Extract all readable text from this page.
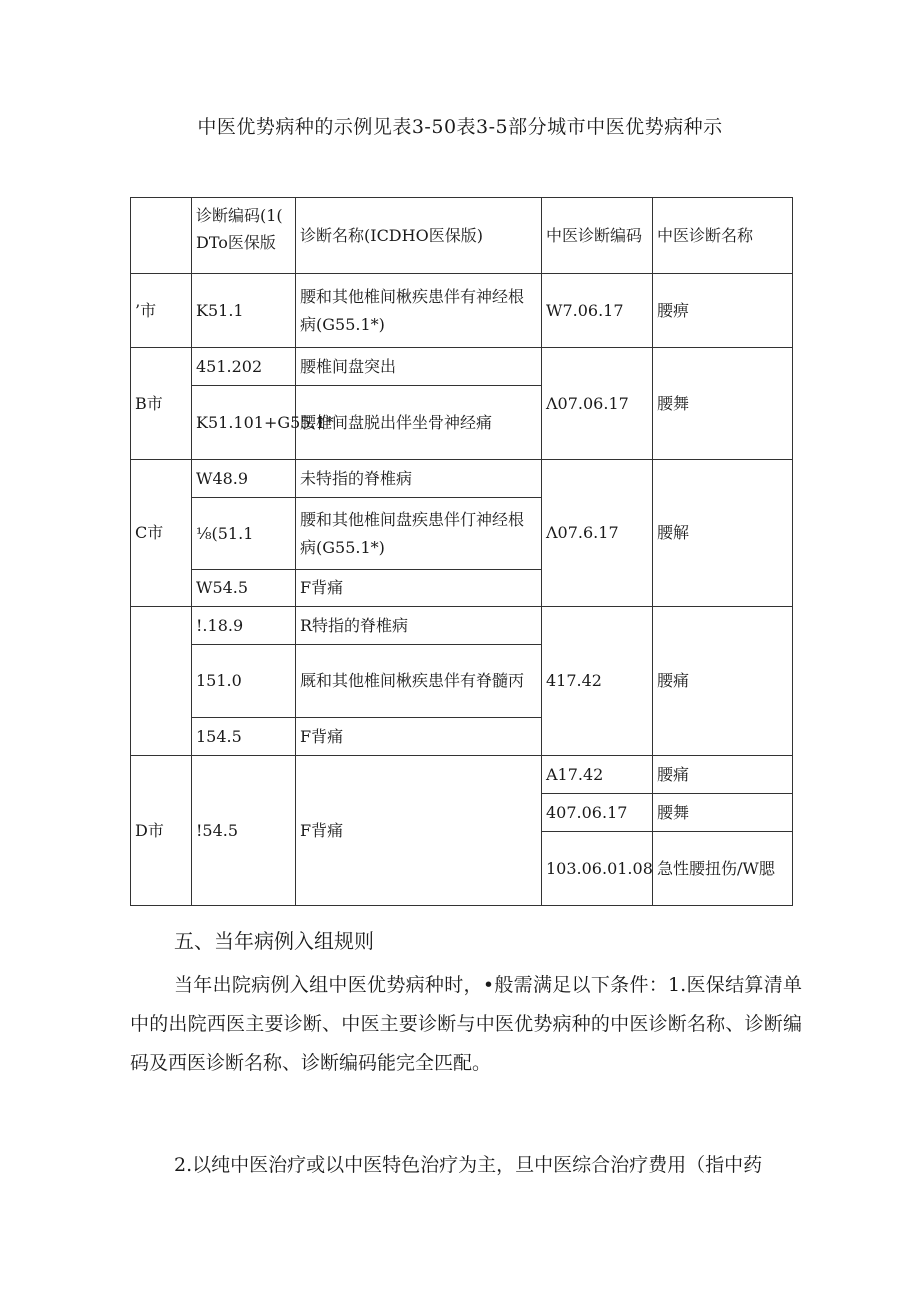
中医优势病种的示例见表3-50表3-5部分城市中医优势病种示

	诊断编码(1( DTo医保版	诊断名称(ICDHO医保版)	中医诊断编码	中医诊断名称
’市	K51.1	腰和其他椎间楸疾患伴有神经根病(G55.1*)	W7.06.17	腰痹
B市	451.202	腰椎间盘突出	Λ07.06.17	腰舞
	K51.101+G55.1*	腰椎间盘脱出伴坐骨神经痛		
C市	W48.9	未特指的脊椎病	Λ07.6.17	腰解
	⅛(51.1	腰和其他椎间盘疾患伴仃神经根病(G55.1*)		
	W54.5	F背痛		
	!.18.9	R特指的脊椎病	417.42	腰痛
	151.0	厩和其他椎间楸疾患伴有脊髓丙		
	154.5	F背痛		
D市	!54.5	F背痛	A17.42	腰痛
			407.06.17	腰舞
			103.06.01.08	急性腰扭伤/W腮
五、当年病例入组规则
当年出院病例入组中医优势病种时，•般需满足以下条件：1.医保结算清单中的出院西医主要诊断、中医主要诊断与中医优势病种的中医诊断名称、诊断编码及西医诊断名称、诊断编码能完全匹配。
2.以纯中医治疗或以中医特色治疗为主，旦中医综合治疗费用（指中药
